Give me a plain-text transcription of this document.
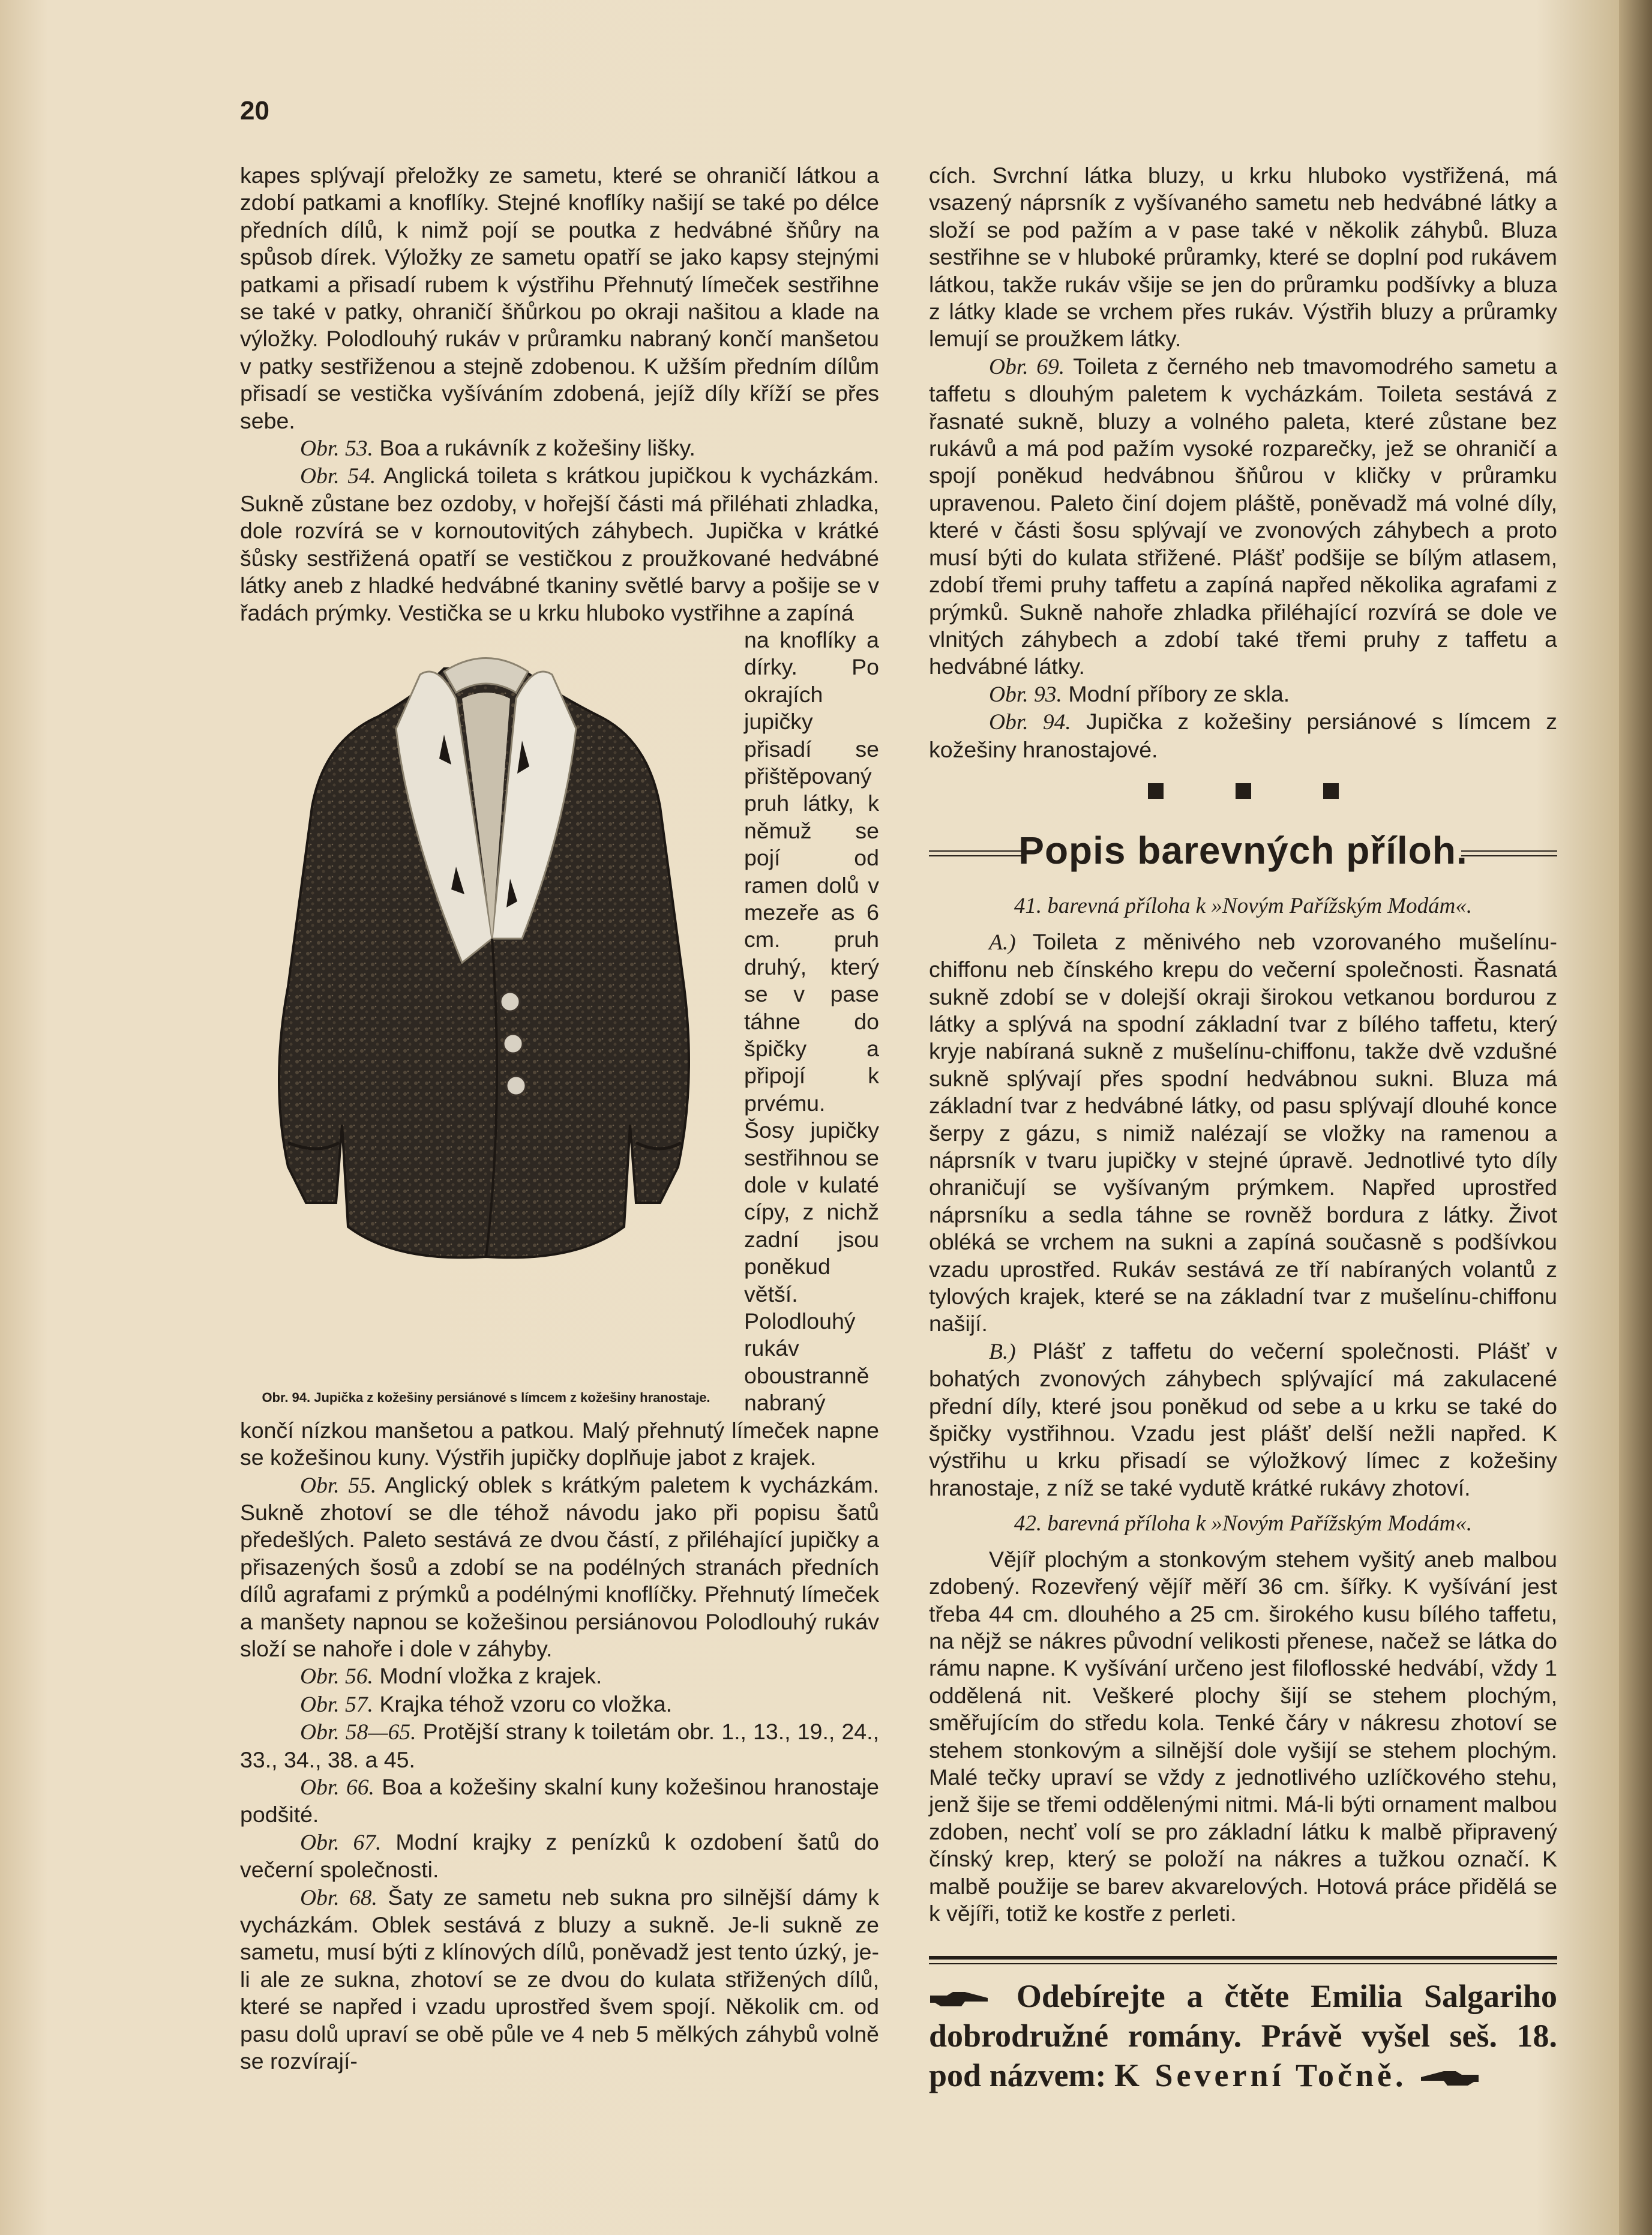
20

kapes splývají přeložky ze sametu, které se ohraničí látkou a zdobí patkami a knoflíky. Stejné knoflíky našijí se také po délce předních dílů, k nimž pojí se poutka z hedvábné šňůry na spůsob dírek. Výložky ze sametu opatří se jako kapsy stejnými patkami a přisadí rubem k výstřihu Přehnutý límeček sestřihne se také v patky, ohraničí šňůrkou po okraji našitou a klade na výložky. Polodlouhý rukáv v průramku nabraný končí manšetou v patky sestřiženou a stejně zdobenou. K užším předním dílům přisadí se vestička vyšíváním zdobená, jejíž díly kříží se přes sebe.

Obr. 53. Boa a rukávník z kožešiny lišky.

Obr. 54. Anglická toileta s krátkou jupičkou k vycházkám. Sukně zůstane bez ozdoby, v hořejší části má přiléhati zhladka, dole rozvírá se v kornoutovitých záhybech. Jupička v krátké šůsky sestřižená opatří se vestičkou z proužkované hedvábné látky aneb z hladké hedvábné tkaniny světlé barvy a pošije se v řadách prýmky. Vestička se u krku hluboko vystřihne a zapíná

Obr. 94. Jupička z kožešiny persiánové s límcem z kožešiny hranostaje.

na knoflíky a dírky. Po okrajích jupičky přisadí se přištěpovaný pruh látky, k němuž se pojí od ramen dolů v mezeře as 6 cm. pruh druhý, který se v pase táhne do špičky a připojí k prvému. Šosy jupičky sestřihnou se dole v kulaté cípy, z nichž zadní jsou poněkud větší. Polodlouhý rukáv oboustranně nabraný končí nízkou manšetou a patkou. Malý přehnutý límeček napne se kožešinou kuny. Výstřih jupičky doplňuje jabot z krajek.

Obr. 55. Anglický oblek s krátkým paletem k vycházkám. Sukně zhotoví se dle téhož návodu jako při popisu šatů předešlých. Paleto sestává ze dvou částí, z přiléhající jupičky a přisazených šosů a zdobí se na podélných stranách předních dílů agrafami z prýmků a podélnými knoflíčky. Přehnutý límeček a manšety napnou se kožešinou persiánovou Polodlouhý rukáv složí se nahoře i dole v záhyby.

Obr. 56. Modní vložka z krajek.

Obr. 57. Krajka téhož vzoru co vložka.

Obr. 58—65. Protější strany k toiletám obr. 1., 13., 19., 24., 33., 34., 38. a 45.

Obr. 66. Boa a kožešiny skalní kuny kožešinou hranostaje podšité.

Obr. 67. Modní krajky z penízků k ozdobení šatů do večerní společnosti.

Obr. 68. Šaty ze sametu neb sukna pro silnější dámy k vycházkám. Oblek sestává z bluzy a sukně. Je-li sukně ze sametu, musí býti z klínových dílů, poněvadž jest tento úzký, je-li ale ze sukna, zhotoví se ze dvou do kulata střižených dílů, které se napřed i vzadu uprostřed švem spojí. Několik cm. od pasu dolů upraví se obě půle ve 4 neb 5 mělkých záhybů volně se rozvírají-

cích. Svrchní látka bluzy, u krku hluboko vystřižená, má vsazený náprsník z vyšívaného sametu neb hedvábné látky a složí se pod pažím a v pase také v několik záhybů. Bluza sestřihne se v hluboké průramky, které se doplní pod rukávem látkou, takže rukáv všije se jen do průramku podšívky a bluza z látky klade se vrchem přes rukáv. Výstřih bluzy a průramky lemují se proužkem látky.

Obr. 69. Toileta z černého neb tmavomodrého sametu a taffetu s dlouhým paletem k vycházkám. Toileta sestává z řasnaté sukně, bluzy a volného paleta, které zůstane bez rukávů a má pod pažím vysoké rozparečky, jež se ohraničí a spojí poněkud hedvábnou šňůrou v kličky v průramku upravenou. Paleto činí dojem pláště, poněvadž má volné díly, které v části šosu splývají ve zvonových záhybech a proto musí býti do kulata střižené. Plášť podšije se bílým atlasem, zdobí třemi pruhy taffetu a zapíná napřed několika agrafami z prýmků. Sukně nahoře zhladka přiléhající rozvírá se dole ve vlnitých záhybech a zdobí také třemi pruhy z taffetu a hedvábné látky.

Obr. 93. Modní příbory ze skla.

Obr. 94. Jupička z kožešiny persiánové s límcem z kožešiny hranostajové.

Popis barevných příloh.
41. barevná příloha k »Novým Pařížským Modám«.

A.) Toileta z měnivého neb vzorovaného mušelínu-chiffonu neb čínského krepu do večerní společnosti. Řasnatá sukně zdobí se v dolejší okraji širokou vetkanou bordurou z látky a splývá na spodní základní tvar z bílého taffetu, který kryje nabíraná sukně z mušelínu-chiffonu, takže dvě vzdušné sukně splývají přes spodní hedvábnou sukni. Bluza má základní tvar z hedvábné látky, od pasu splývají dlouhé konce šerpy z gázu, s nimiž nalézají se vložky na ramenou a náprsník v tvaru jupičky v stejné úpravě. Jednotlivé tyto díly ohraničují se vyšívaným prýmkem. Napřed uprostřed náprsníku a sedla táhne se rovněž bordura z látky. Život obléká se vrchem na sukni a zapíná současně s podšívkou vzadu uprostřed. Rukáv sestává ze tří nabíraných volantů z tylových krajek, které se na základní tvar z mušelínu-chiffonu našijí.

B.) Plášť z taffetu do večerní společnosti. Plášť v bohatých zvonových záhybech splývající má zakulacené přední díly, které jsou poněkud od sebe a u krku se také do špičky vystřihnou. Vzadu jest plášť delší nežli napřed. K výstřihu u krku přisadí se výložkový límec z kožešiny hranostaje, z níž se také vydutě krátké rukávy zhotoví.

42. barevná příloha k »Novým Pařížským Modám«.

Vějíř plochým a stonkovým stehem vyšitý aneb malbou zdobený. Rozevřený vějíř měří 36 cm. šířky. K vyšívání jest třeba 44 cm. dlouhého a 25 cm. širokého kusu bílého taffetu, na nějž se nákres původní velikosti přenese, načež se látka do rámu napne. K vyšívání určeno jest filoflosské hedvábí, vždy 1 oddělená nit. Veškeré plochy šijí se stehem plochým, směřujícím do středu kola. Tenké čáry v nákresu zhotoví se stehem stonkovým a silnější dole vyšijí se stehem plochým. Malé tečky upraví se vždy z jednotlivého uzlíčkového stehu, jenž šije se třemi oddělenými nitmi. Má-li býti ornament malbou zdoben, nechť volí se pro základní látku k malbě připravený čínský krep, který se položí na nákres a tužkou označí. K malbě použije se barev akvarelových. Hotová práce přidělá se k vějíři, totiž ke kostře z perleti.

Odebírejte a čtěte Emilia Salgariho dobrodružné romány. Právě vyšel seš. 18. pod názvem: K Severní Točně.
